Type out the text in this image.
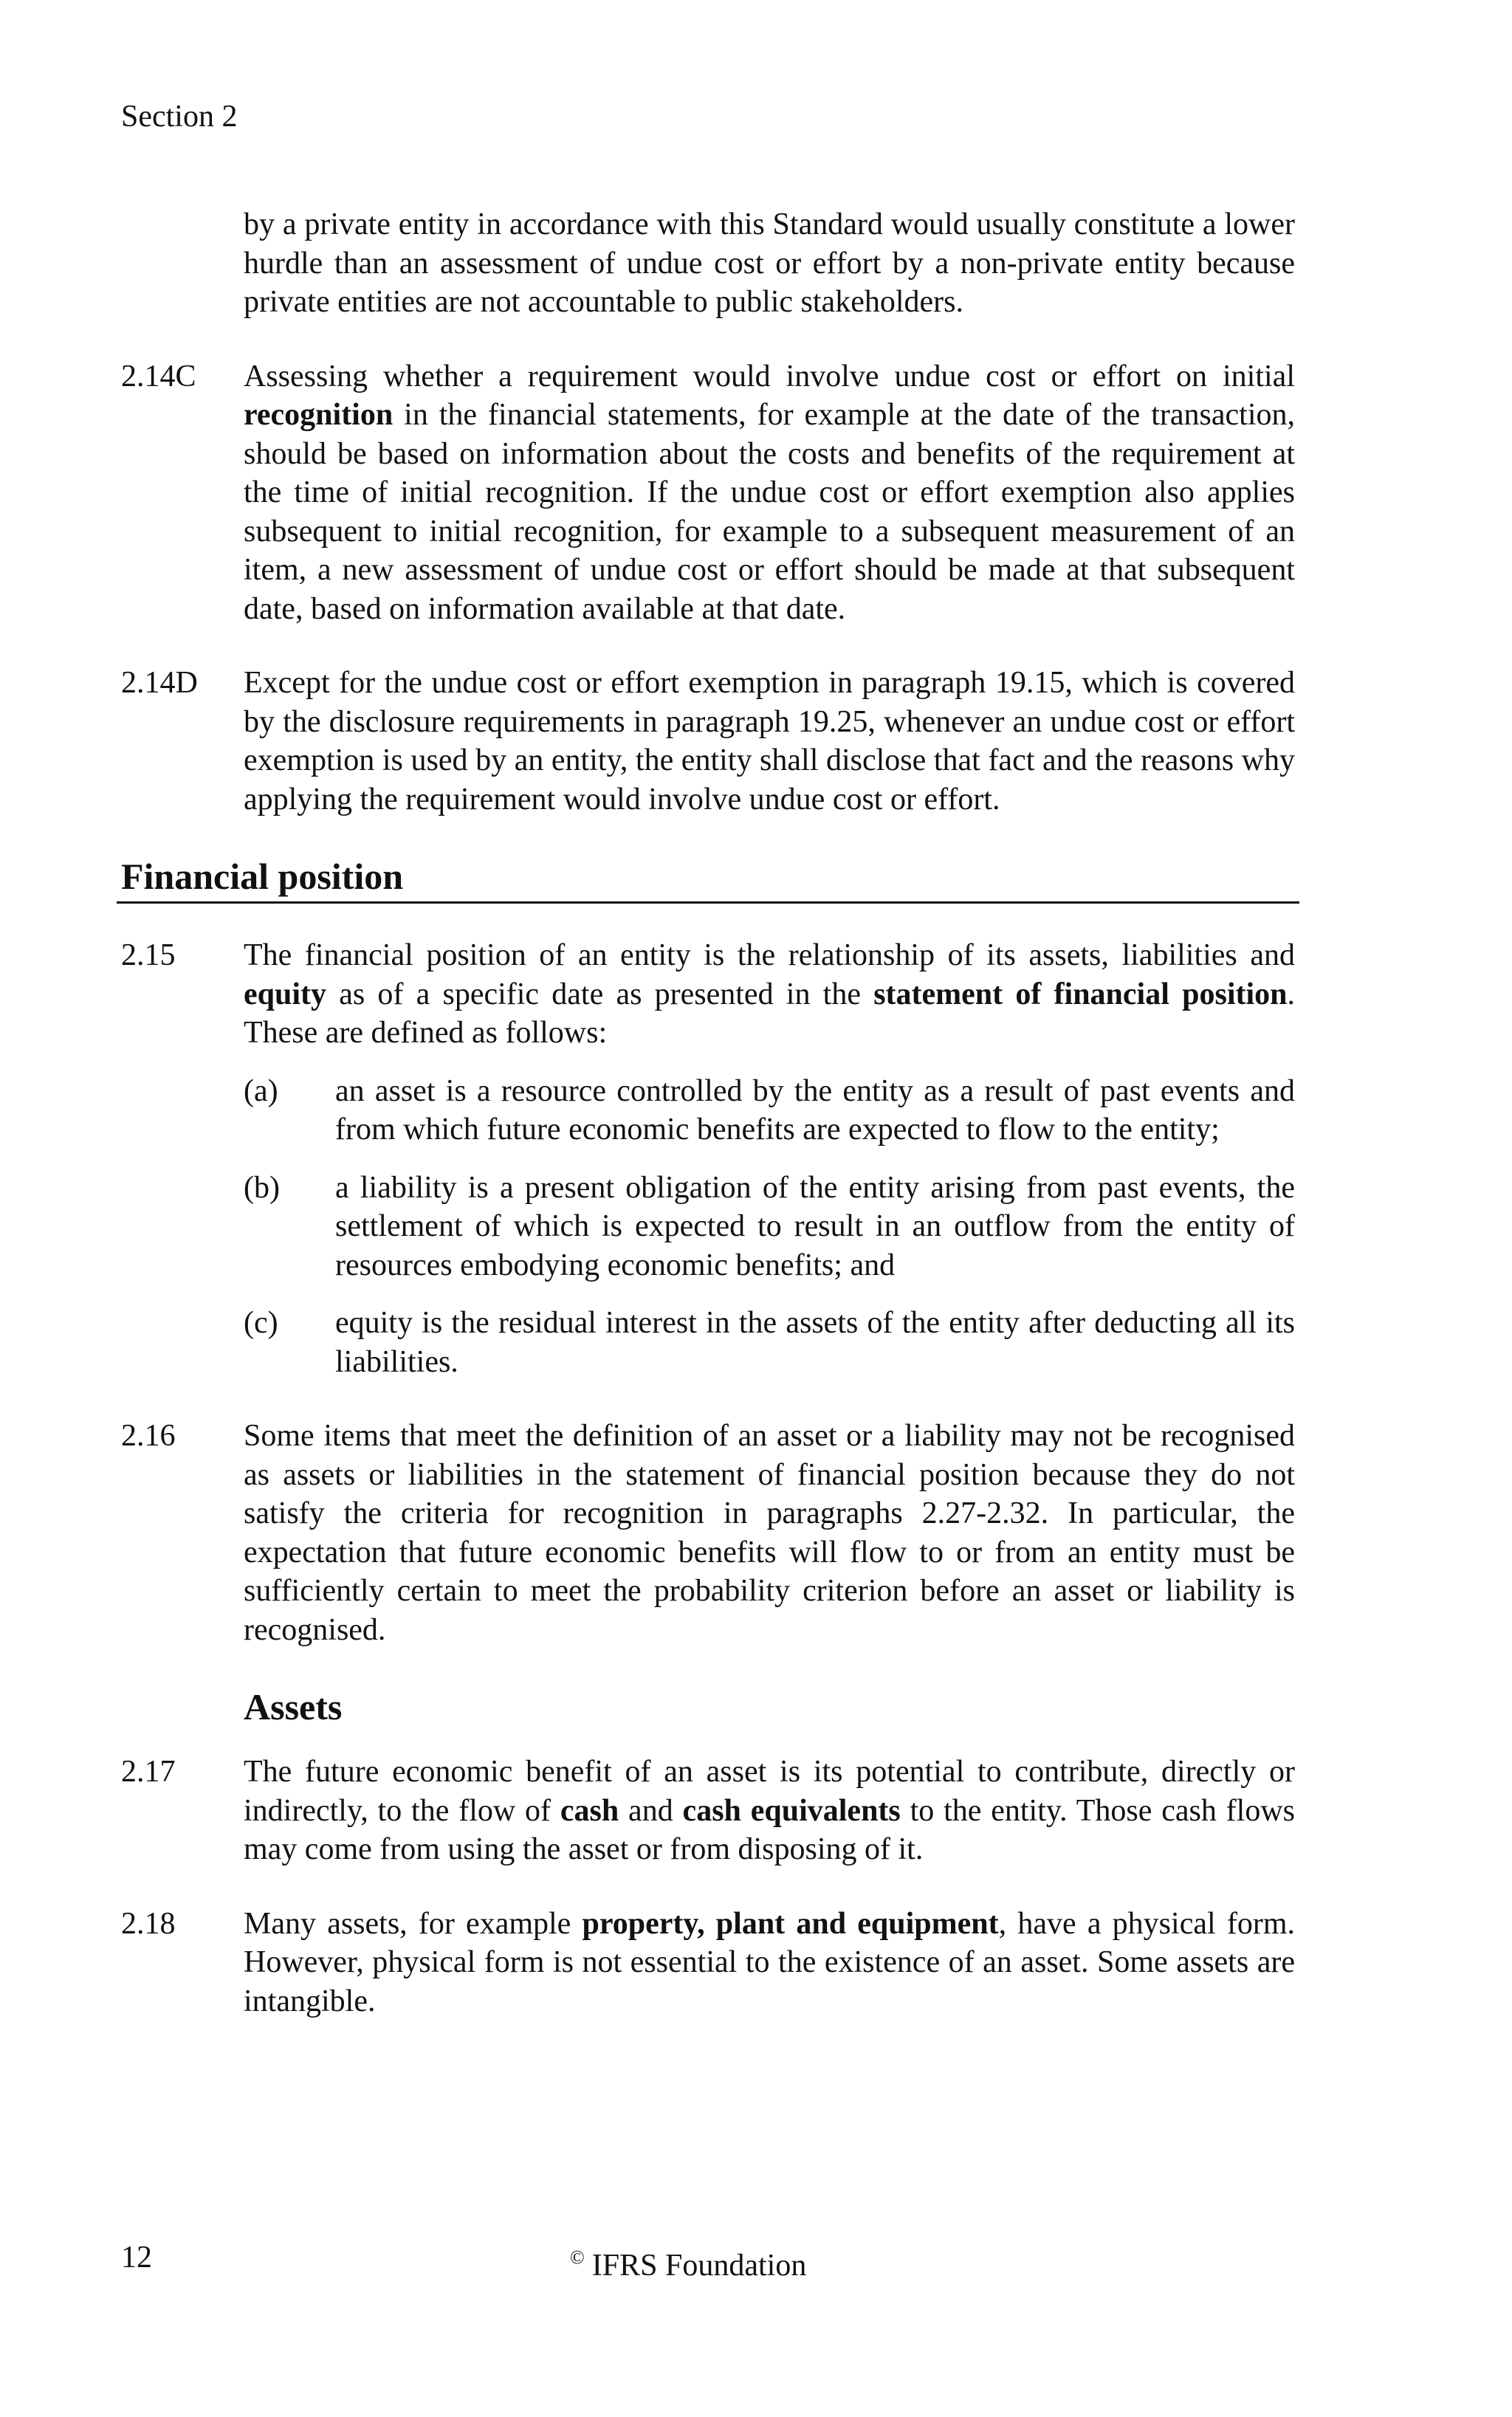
Section 2

by a private entity in accordance with this Standard would usually constitute a lower hurdle than an assessment of undue cost or effort by a non-private entity because private entities are not accountable to public stakeholders.

2.14C	Assessing whether a requirement would involve undue cost or effort on initial recognition in the financial statements, for example at the date of the transaction, should be based on information about the costs and benefits of the requirement at the time of initial recognition. If the undue cost or effort exemption also applies subsequent to initial recognition, for example to a subsequent measurement of an item, a new assessment of undue cost or effort should be made at that subsequent date, based on information available at that date.

2.14D	Except for the undue cost or effort exemption in paragraph 19.15, which is covered by the disclosure requirements in paragraph 19.25, whenever an undue cost or effort exemption is used by an entity, the entity shall disclose that fact and the reasons why applying the requirement would involve undue cost or effort.

Financial position
2.15	The financial position of an entity is the relationship of its assets, liabilities and equity as of a specific date as presented in the statement of financial position. These are defined as follows:

(a)	an asset is a resource controlled by the entity as a result of past events and from which future economic benefits are expected to flow to the entity;
(b)	a liability is a present obligation of the entity arising from past events, the settlement of which is expected to result in an outflow from the entity of resources embodying economic benefits; and
(c)	equity is the residual interest in the assets of the entity after deducting all its liabilities.
2.16	Some items that meet the definition of an asset or a liability may not be recognised as assets or liabilities in the statement of financial position because they do not satisfy the criteria for recognition in paragraphs 2.27-2.32. In particular, the expectation that future economic benefits will flow to or from an entity must be sufficiently certain to meet the probability criterion before an asset or liability is recognised.

Assets
2.17	The future economic benefit of an asset is its potential to contribute, directly or indirectly, to the flow of cash and cash equivalents to the entity. Those cash flows may come from using the asset or from disposing of it.

2.18	Many assets, for example property, plant and equipment, have a physical form. However, physical form is not essential to the existence of an asset. Some assets are intangible.

12	© IFRS Foundation
